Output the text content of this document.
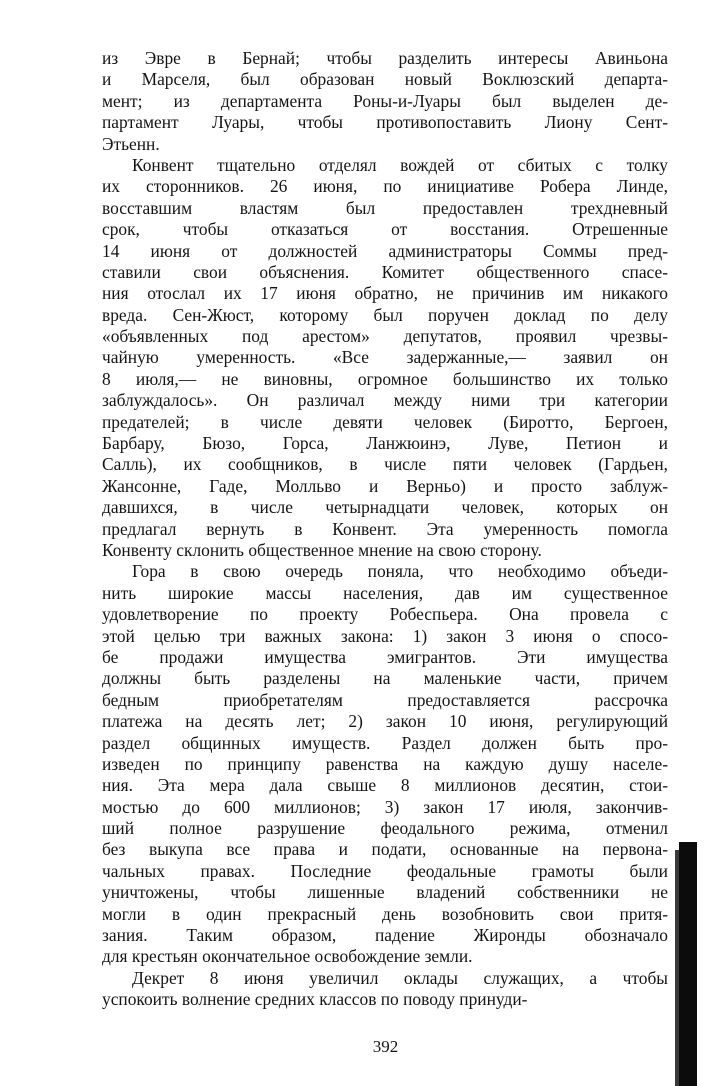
из Эвре в Бернай; чтобы разделить интересы Авиньона
и Марселя, был образован новый Воклюзский департа-
мент; из департамента Роны-и-Луары был выделен де-
партамент Луары, чтобы противопоставить Лиону Сент-
Этьенн.
Конвент тщательно отделял вождей от сбитых с толку
их сторонников. 26 июня, по инициативе Робера Линде,
восставшим властям был предоставлен трехдневный
срок, чтобы отказаться от восстания. Отрешенные
14 июня от должностей администраторы Соммы пред-
ставили свои объяснения. Комитет общественного спасе-
ния отослал их 17 июня обратно, не причинив им никакого
вреда. Сен-Жюст, которому был поручен доклад по делу
«объявленных под арестом» депутатов, проявил чрезвы-
чайную умеренность. «Все задержанные,— заявил он
8 июля,— не виновны, огромное большинство их только
заблуждалось». Он различал между ними три категории
предателей; в числе девяти человек (Биротто, Бергоен,
Барбару, Бюзо, Горса, Ланжюинэ, Луве, Петион и
Салль), их сообщников, в числе пяти человек (Гардьен,
Жансонне, Гаде, Молльво и Верньо) и просто заблуж-
давшихся, в числе четырнадцати человек, которых он
предлагал вернуть в Конвент. Эта умеренность помогла
Конвенту склонить общественное мнение на свою сторону.
Гора в свою очередь поняла, что необходимо объеди-
нить широкие массы населения, дав им существенное
удовлетворение по проекту Робеспьера. Она провела с
этой целью три важных закона: 1) закон 3 июня о спосо-
бе продажи имущества эмигрантов. Эти имущества
должны быть разделены на маленькие части, причем
бедным приобретателям предоставляется рассрочка
платежа на десять лет; 2) закон 10 июня, регулирующий
раздел общинных имуществ. Раздел должен быть про-
изведен по принципу равенства на каждую душу населе-
ния. Эта мера дала свыше 8 миллионов десятин, стои-
мостью до 600 миллионов; 3) закон 17 июля, закончив-
ший полное разрушение феодального режима, отменил
без выкупа все права и подати, основанные на первона-
чальных правах. Последние феодальные грамоты были
уничтожены, чтобы лишенные владений собственники не
могли в один прекрасный день возобновить свои притя-
зания. Таким образом, падение Жиронды обозначало
для крестьян окончательное освобождение земли.
Декрет 8 июня увеличил оклады служащих, а чтобы
успокоить волнение средних классов по поводу принуди-
392
